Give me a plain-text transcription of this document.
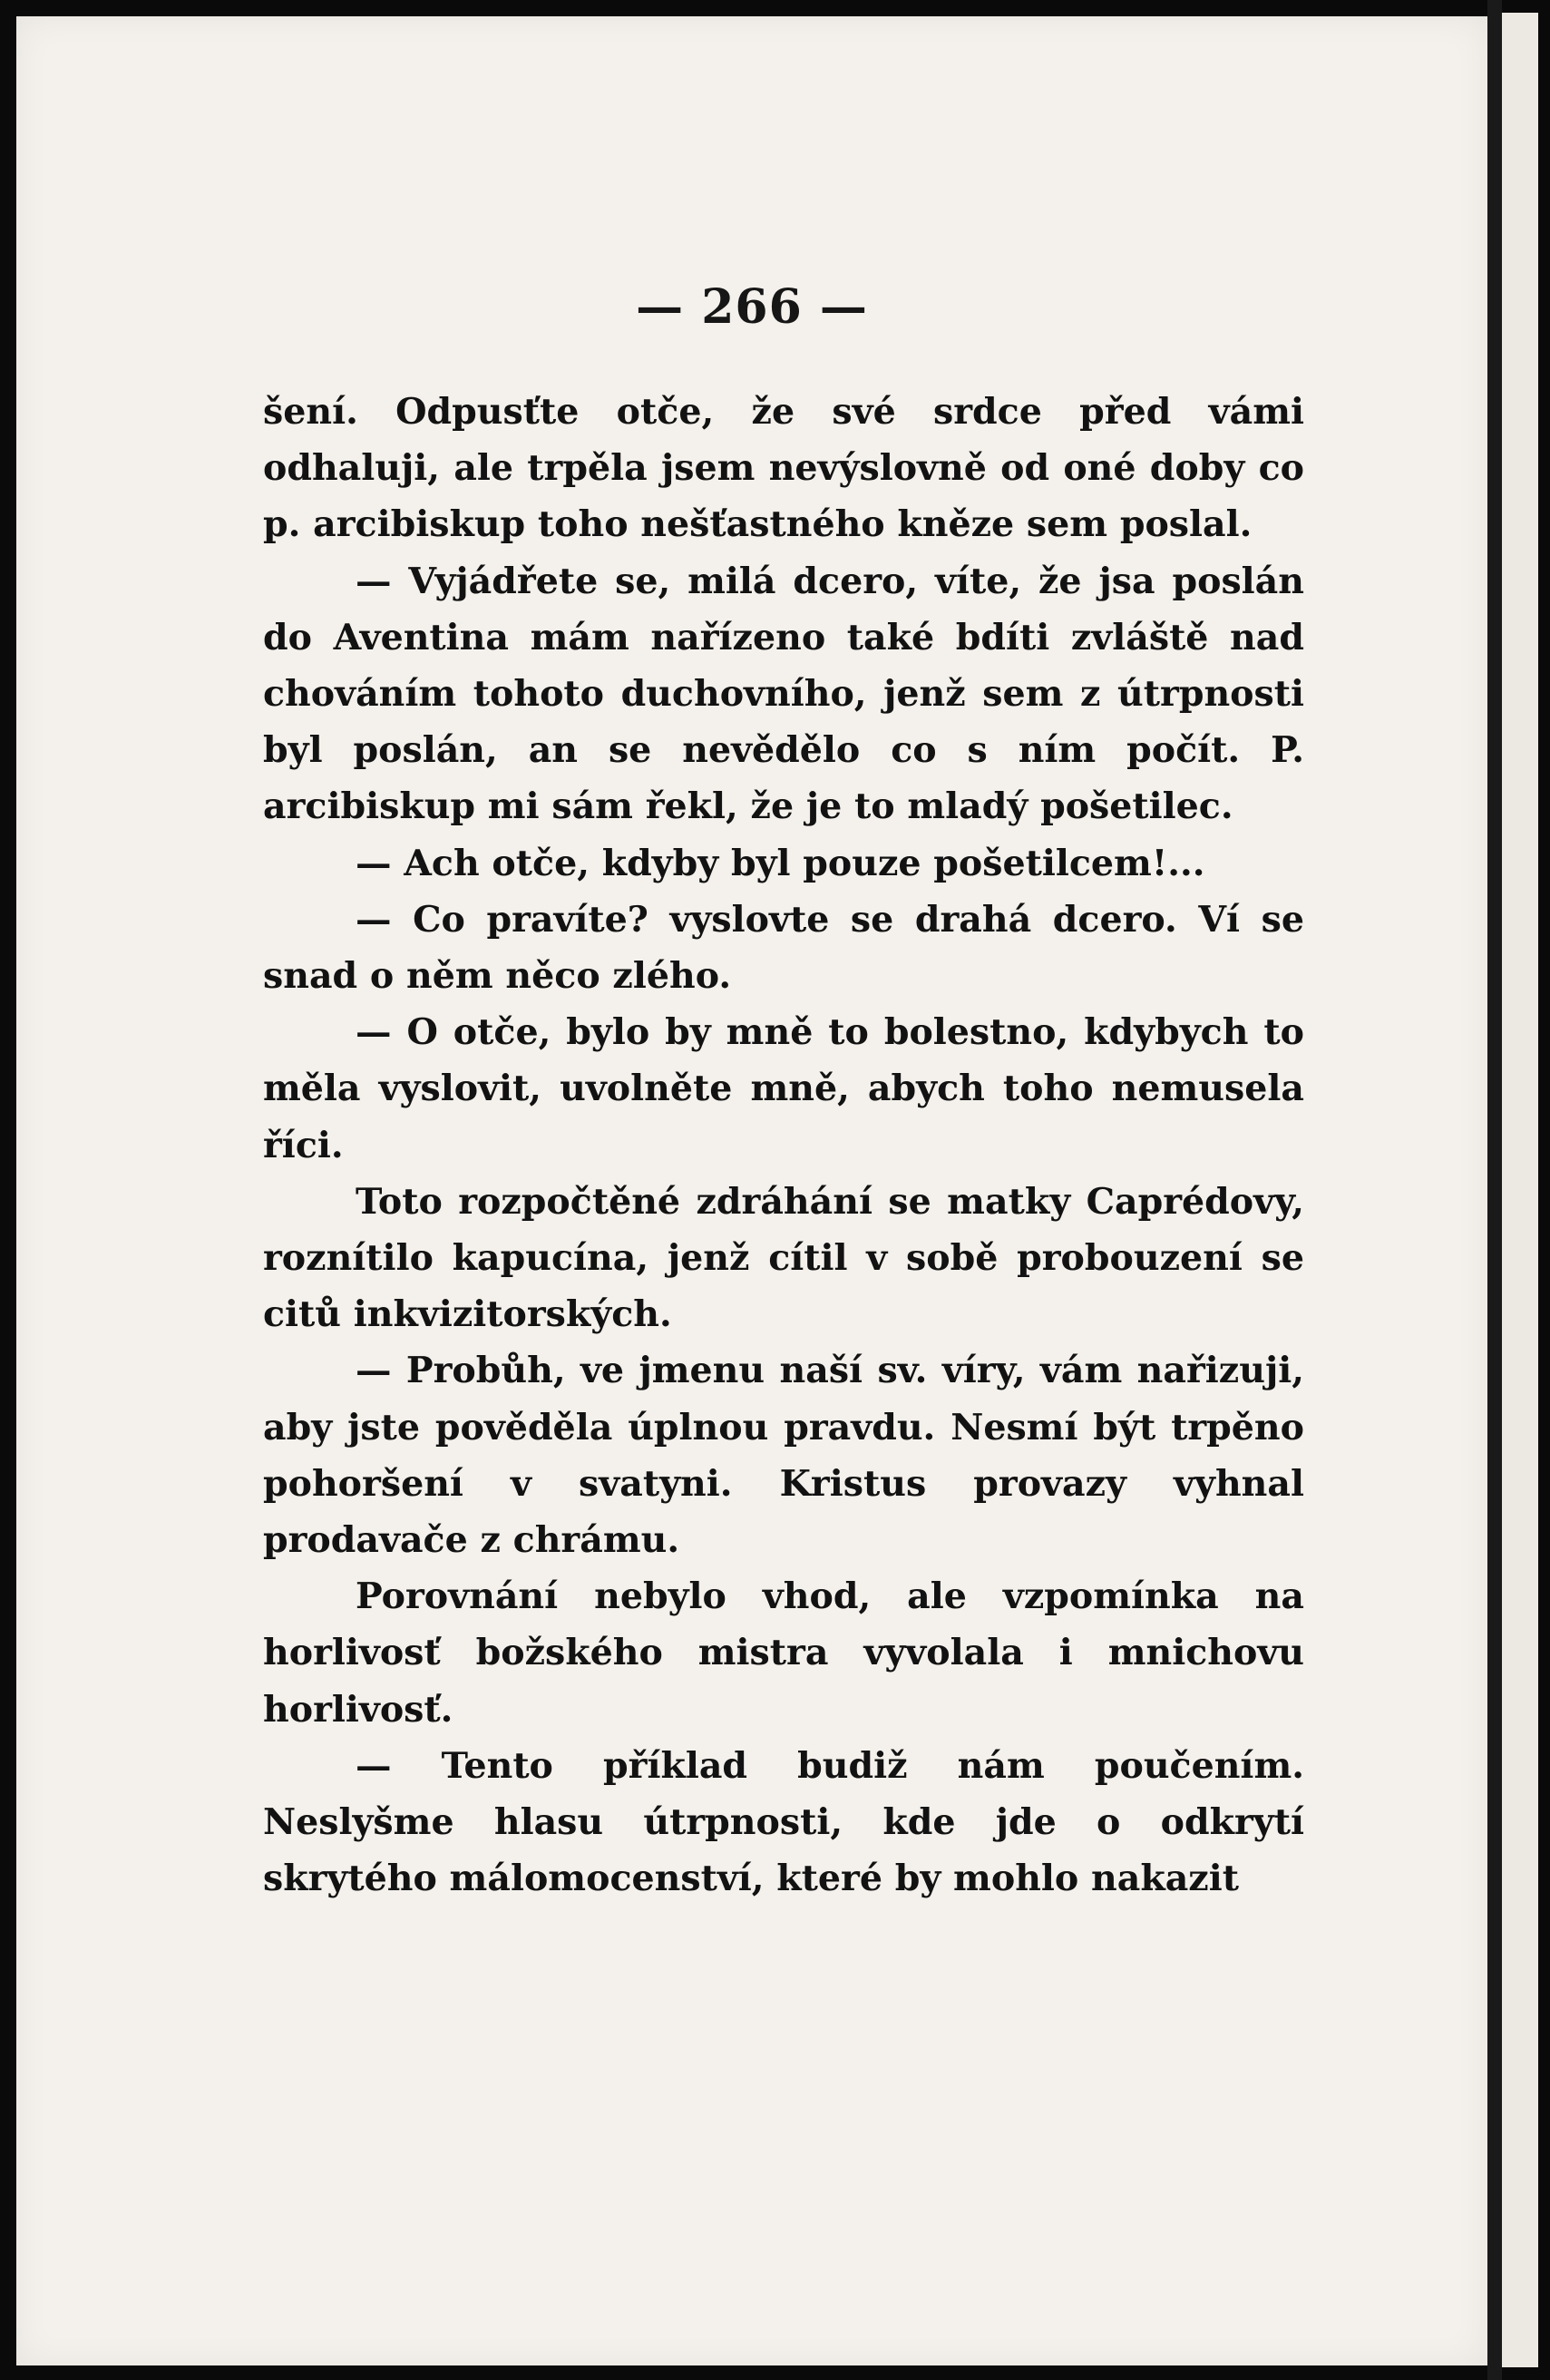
— 266 —

šení. Odpusťte otče, že své srdce před vámi odhaluji, ale trpěla jsem nevýslovně od oné doby co p. arcibiskup toho nešťastného kněze sem poslal.

— Vyjádřete se, milá dcero, víte, že jsa poslán do Aventina mám nařízeno také bdíti zvláště nad chováním tohoto duchovního, jenž sem z útrpnosti byl poslán, an se nevědělo co s ním počít. P. arcibiskup mi sám řekl, že je to mladý pošetilec.

— Ach otče, kdyby byl pouze pošetilcem!...

— Co pravíte? vyslovte se drahá dcero. Ví se snad o něm něco zlého.

— O otče, bylo by mně to bolestno, kdybych to měla vyslovit, uvolněte mně, abych toho nemusela říci.

Toto rozpočtěné zdráhání se matky Caprédovy, roznítilo kapucína, jenž cítil v sobě probouzení se citů inkvizitorských.

— Probůh, ve jmenu naší sv. víry, vám nařizuji, aby jste pověděla úplnou pravdu. Nesmí být trpěno pohoršení v svatyni. Kristus provazy vyhnal prodavače z chrámu.

Porovnání nebylo vhod, ale vzpomínka na horlivosť božského mistra vyvolala i mnichovu horlivosť.

— Tento příklad budiž nám poučením. Neslyšme hlasu útrpnosti, kde jde o odkrytí skrytého málomocenství, které by mohlo nakazit
